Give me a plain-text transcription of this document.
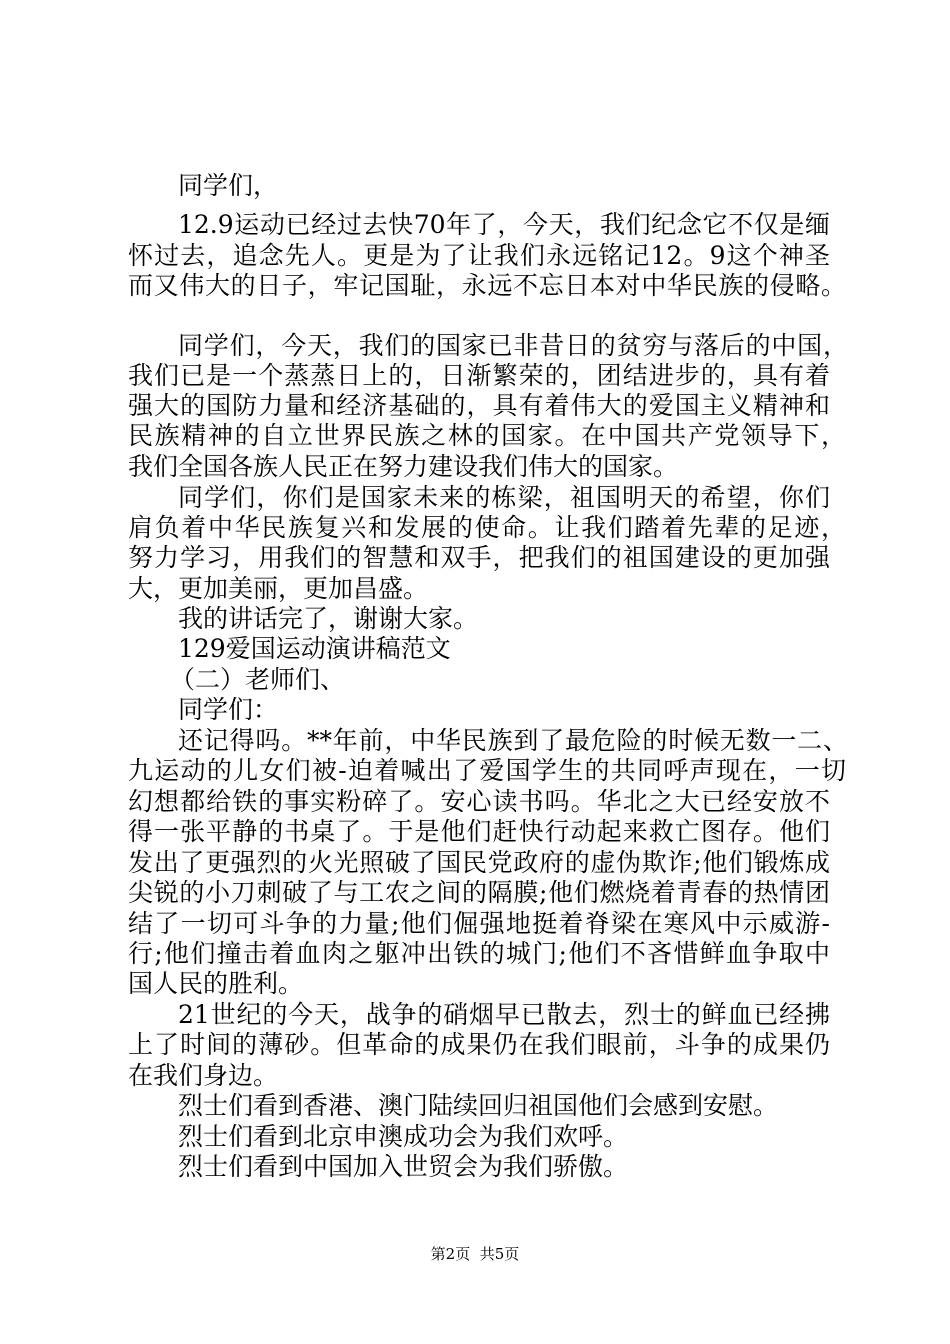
同学们，
12.9运动已经过去快70年了，今天，我们纪念它不仅是缅
怀过去，追念先人。更是为了让我们永远铭记12。9这个神圣
而又伟大的日子，牢记国耻，永远不忘日本对中华民族的侵略。
同学们，今天，我们的国家已非昔日的贫穷与落后的中国，
我们已是一个蒸蒸日上的，日渐繁荣的，团结进步的，具有着
强大的国防力量和经济基础的，具有着伟大的爱国主义精神和
民族精神的自立世界民族之林的国家。在中国共产党领导下，
我们全国各族人民正在努力建设我们伟大的国家。
同学们，你们是国家未来的栋梁，祖国明天的希望，你们
肩负着中华民族复兴和发展的使命。让我们踏着先辈的足迹，
努力学习，用我们的智慧和双手，把我们的祖国建设的更加强
大，更加美丽，更加昌盛。
我的讲话完了，谢谢大家。
129爱国运动演讲稿范文
（二）老师们、
同学们：
还记得吗。**年前，中华民族到了最危险的时候无数一二、
九运动的儿女们被-迫着喊出了爱国学生的共同呼声现在，一切
幻想都给铁的事实粉碎了。安心读书吗。华北之大已经安放不
得一张平静的书桌了。于是他们赶快行动起来救亡图存。他们
发出了更强烈的火光照破了国民党政府的虚伪欺诈;他们锻炼成
尖锐的小刀刺破了与工农之间的隔膜;他们燃烧着青春的热情团
结了一切可斗争的力量;他们倔强地挺着脊梁在寒风中示威游-
行;他们撞击着血肉之躯冲出铁的城门;他们不吝惜鲜血争取中
国人民的胜利。
21世纪的今天，战争的硝烟早已散去，烈士的鲜血已经拂
上了时间的薄砂。但革命的成果仍在我们眼前，斗争的成果仍
在我们身边。
烈士们看到香港、澳门陆续回归祖国他们会感到安慰。
烈士们看到北京申澳成功会为我们欢呼。
烈士们看到中国加入世贸会为我们骄傲。
第2页 共5页
